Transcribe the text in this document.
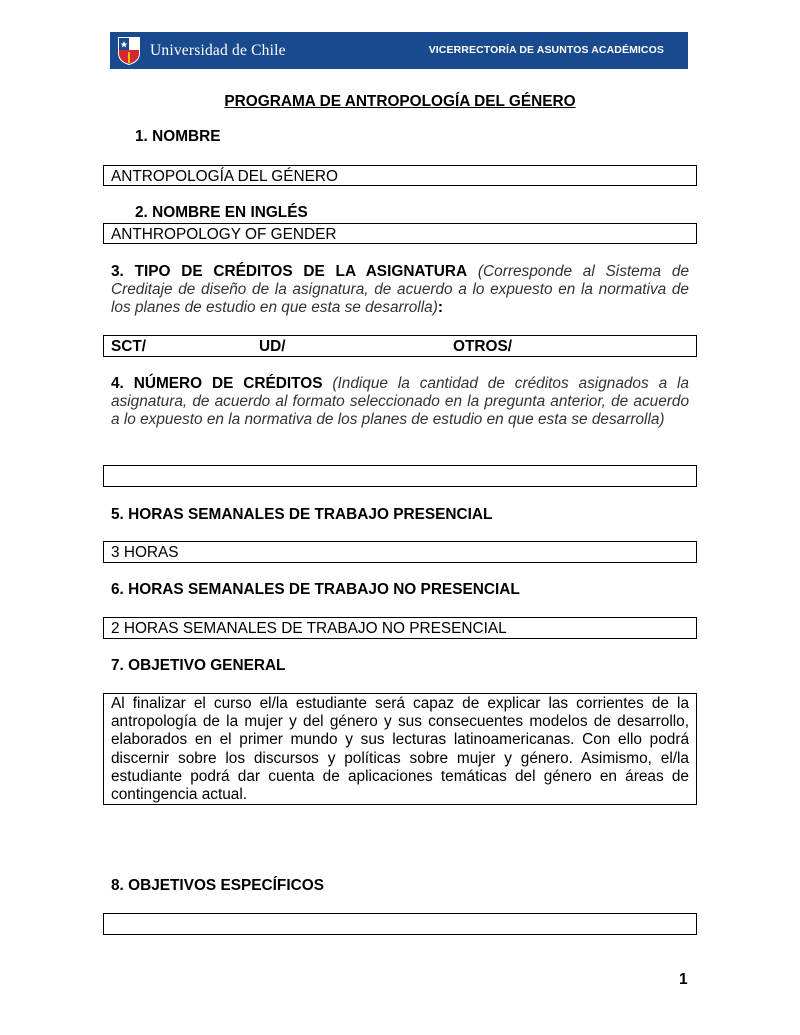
Universidad de Chile	VICERRECTORÍA DE ASUNTOS ACADÉMICOS
PROGRAMA DE ANTROPOLOGÍA DEL GÉNERO
1. NOMBRE
ANTROPOLOGÍA DEL GÉNERO
2. NOMBRE EN INGLÉS
ANTHROPOLOGY OF GENDER
3. TIPO DE CRÉDITOS DE LA ASIGNATURA (Corresponde al Sistema de Creditaje de diseño de la asignatura, de acuerdo a lo expuesto en la normativa de los planes de estudio en que esta se desarrolla):
SCT/	UD/	OTROS/
4. NÚMERO DE CRÉDITOS (Indique la cantidad de créditos asignados a la asignatura, de acuerdo al formato seleccionado en la pregunta anterior, de acuerdo a lo expuesto en la normativa de los planes de estudio en que esta se desarrolla)
5. HORAS SEMANALES DE TRABAJO PRESENCIAL
3 HORAS
6. HORAS SEMANALES DE TRABAJO NO PRESENCIAL
2 HORAS SEMANALES DE TRABAJO NO PRESENCIAL
7. OBJETIVO GENERAL
Al finalizar el curso el/la estudiante será capaz de explicar las corrientes de la antropología de la mujer y del género y sus consecuentes modelos de desarrollo, elaborados en el primer mundo y sus lecturas latinoamericanas. Con ello podrá discernir sobre los discursos y políticas sobre mujer y género. Asimismo, el/la estudiante podrá dar cuenta de aplicaciones temáticas del género en áreas de contingencia actual.
8. OBJETIVOS ESPECÍFICOS
1
